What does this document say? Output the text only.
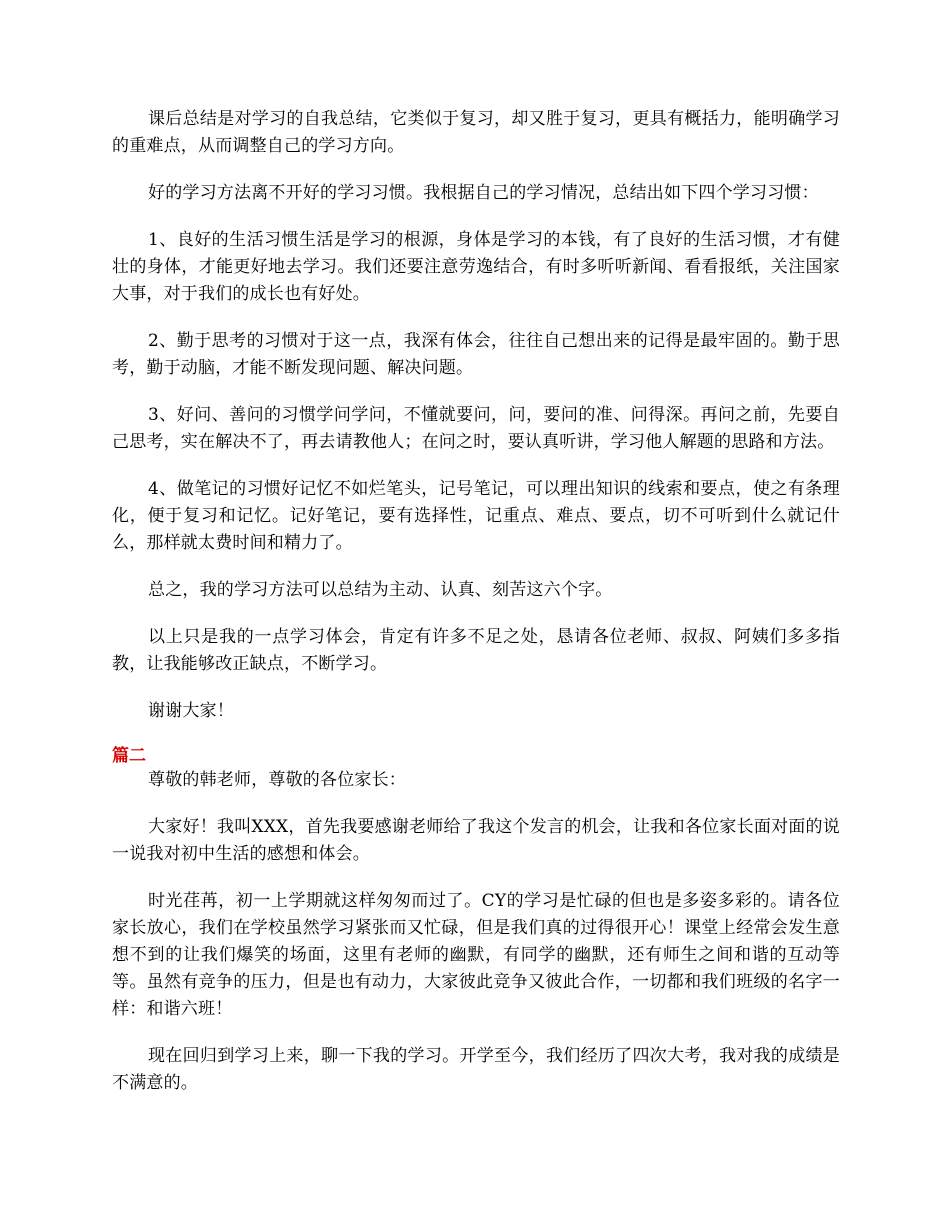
课后总结是对学习的自我总结，它类似于复习，却又胜于复习，更具有概括力，能明确学习的重难点，从而调整自己的学习方向。

好的学习方法离不开好的学习习惯。我根据自己的学习情况，总结出如下四个学习习惯：

1、良好的生活习惯生活是学习的根源，身体是学习的本钱，有了良好的生活习惯，才有健壮的身体，才能更好地去学习。我们还要注意劳逸结合，有时多听听新闻、看看报纸，关注国家大事，对于我们的成长也有好处。

2、勤于思考的习惯对于这一点，我深有体会，往往自己想出来的记得是最牢固的。勤于思考，勤于动脑，才能不断发现问题、解决问题。

3、好问、善问的习惯学问学问，不懂就要问，问，要问的准、问得深。再问之前，先要自己思考，实在解决不了，再去请教他人；在问之时，要认真听讲，学习他人解题的思路和方法。

4、做笔记的习惯好记忆不如烂笔头，记号笔记，可以理出知识的线索和要点，使之有条理化，便于复习和记忆。记好笔记，要有选择性，记重点、难点、要点，切不可听到什么就记什么，那样就太费时间和精力了。

总之，我的学习方法可以总结为主动、认真、刻苦这六个字。

以上只是我的一点学习体会，肯定有许多不足之处，恳请各位老师、叔叔、阿姨们多多指教，让我能够改正缺点，不断学习。

谢谢大家！

篇二

尊敬的韩老师，尊敬的各位家长：

大家好！我叫XXX，首先我要感谢老师给了我这个发言的机会，让我和各位家长面对面的说一说我对初中生活的感想和体会。

时光荏苒，初一上学期就这样匆匆而过了。CY的学习是忙碌的但也是多姿多彩的。请各位家长放心，我们在学校虽然学习紧张而又忙碌，但是我们真的过得很开心！课堂上经常会发生意想不到的让我们爆笑的场面，这里有老师的幽默，有同学的幽默，还有师生之间和谐的互动等等。虽然有竞争的压力，但是也有动力，大家彼此竞争又彼此合作，一切都和我们班级的名字一样：和谐六班！

现在回归到学习上来，聊一下我的学习。开学至今，我们经历了四次大考，我对我的成绩是不满意的。
